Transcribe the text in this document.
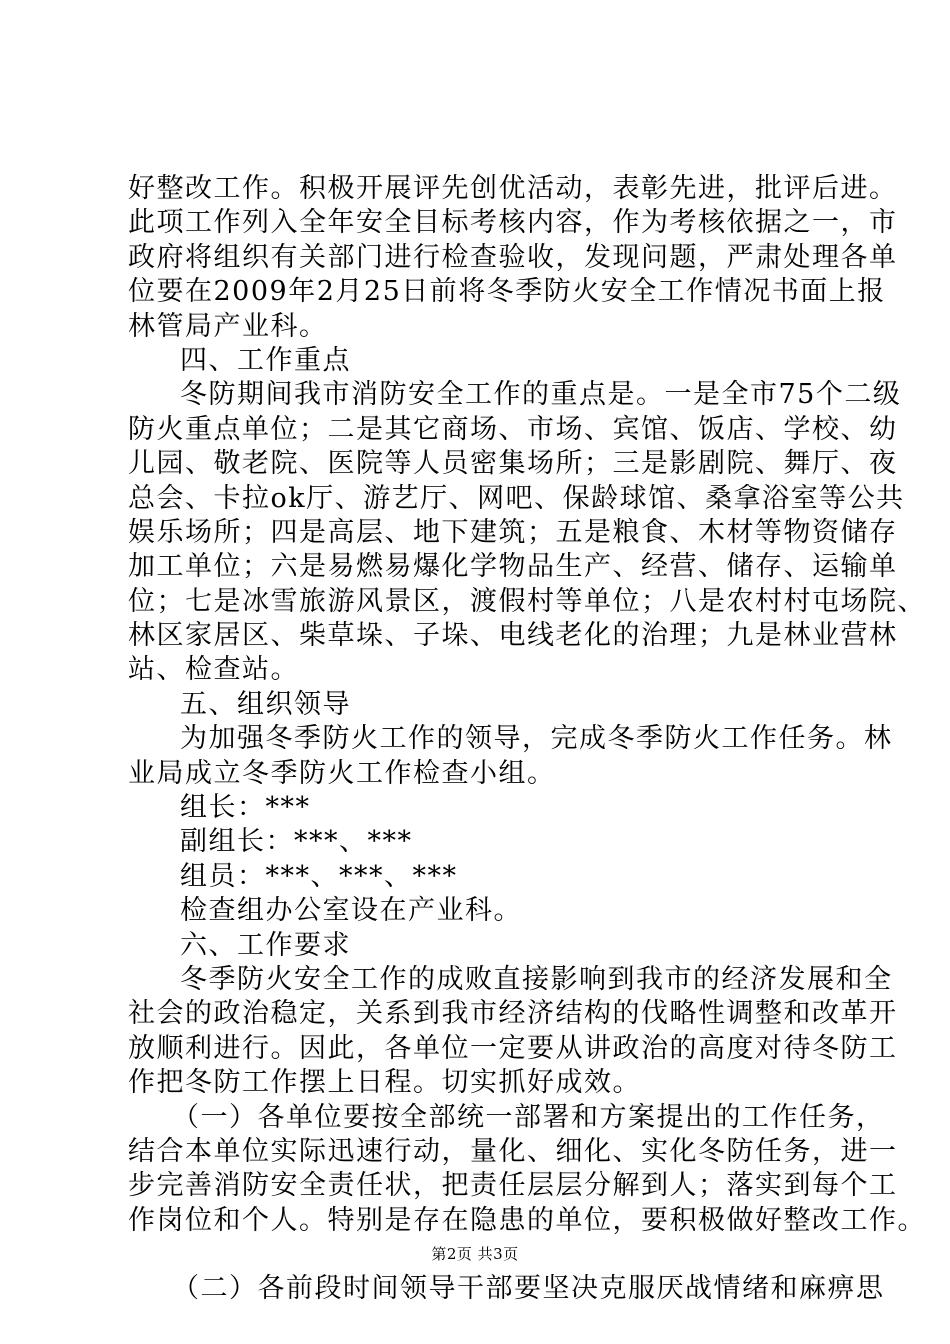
好整改工作。积极开展评先创优活动，表彰先进，批评后进。
此项工作列入全年安全目标考核内容，作为考核依据之一，市
政府将组织有关部门进行检查验收，发现问题，严肃处理各单
位要在2009年2月25日前将冬季防火安全工作情况书面上报
林管局产业科。
四、工作重点
冬防期间我市消防安全工作的重点是。一是全市75个二级
防火重点单位；二是其它商场、市场、宾馆、饭店、学校、幼
儿园、敬老院、医院等人员密集场所；三是影剧院、舞厅、夜
总会、卡拉ok厅、游艺厅、网吧、保龄球馆、桑拿浴室等公共
娱乐场所；四是高层、地下建筑；五是粮食、木材等物资储存
加工单位；六是易燃易爆化学物品生产、经营、储存、运输单
位；七是冰雪旅游风景区，渡假村等单位；八是农村村屯场院、
林区家居区、柴草垛、子垛、电线老化的治理；九是林业营林
站、检查站。
五、组织领导
为加强冬季防火工作的领导，完成冬季防火工作任务。林
业局成立冬季防火工作检查小组。
组长：***
副组长：***、***
组员：***、***、***
检查组办公室设在产业科。
六、工作要求
冬季防火安全工作的成败直接影响到我市的经济发展和全
社会的政治稳定，关系到我市经济结构的伐略性调整和改革开
放顺利进行。因此，各单位一定要从讲政治的高度对待冬防工
作把冬防工作摆上日程。切实抓好成效。
（一）各单位要按全部统一部署和方案提出的工作任务，
结合本单位实际迅速行动，量化、细化、实化冬防任务，进一
步完善消防安全责任状，把责任层层分解到人；落实到每个工
作岗位和个人。特别是存在隐患的单位，要积极做好整改工作。
（二）各前段时间领导干部要坚决克服厌战情绪和麻痹思
第2页 共3页
